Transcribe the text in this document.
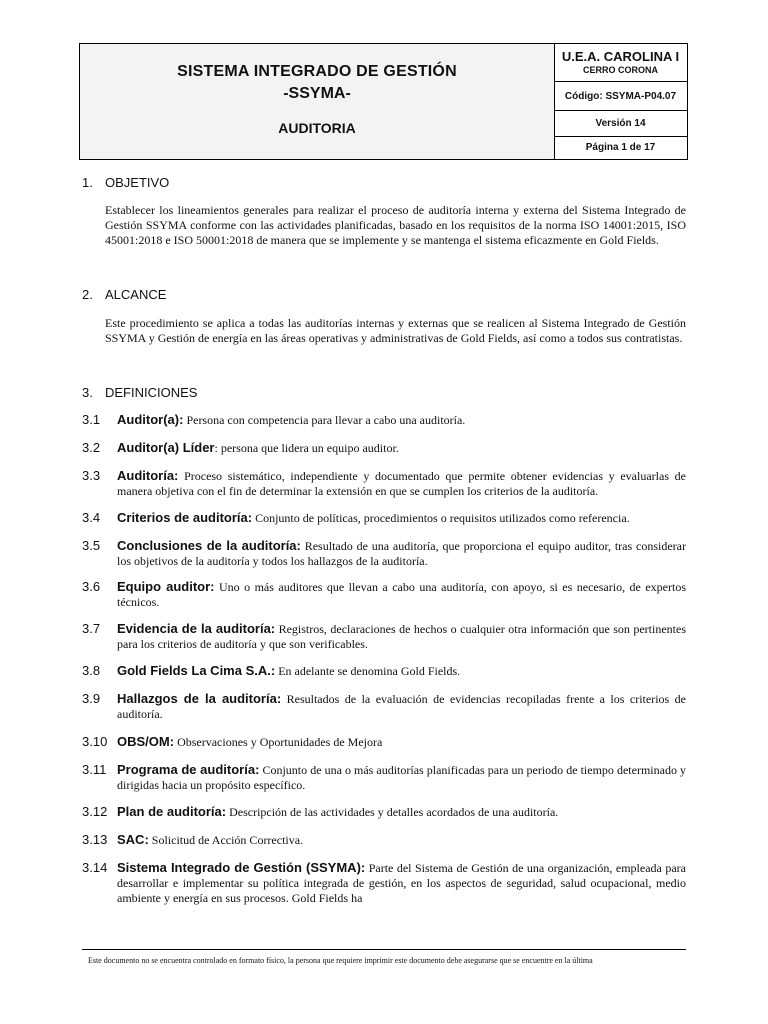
SISTEMA INTEGRADO DE GESTIÓN
-SSYMA-
AUDITORIA
U.E.A. CAROLINA I
CERRO CORONA
Código: SSYMA-P04.07
Versión 14
Página 1 de 17
1. OBJETIVO
Establecer los lineamientos generales para realizar el proceso de auditoría interna y externa del Sistema Integrado de Gestión SSYMA conforme con las actividades planificadas, basado en los requisitos de la norma ISO 14001:2015, ISO 45001:2018 e ISO 50001:2018 de manera que se implemente y se mantenga el sistema eficazmente en Gold Fields.
2. ALCANCE
Este procedimiento se aplica a todas las auditorías internas y externas que se realicen al Sistema Integrado de Gestión SSYMA y Gestión de energía en las áreas operativas y administrativas de Gold Fields, así como a todos sus contratistas.
3. DEFINICIONES
3.1 Auditor(a): Persona con competencia para llevar a cabo una auditoría.
3.2 Auditor(a) Líder: persona que lidera un equipo auditor.
3.3 Auditoría: Proceso sistemático, independiente y documentado que permite obtener evidencias y evaluarlas de manera objetiva con el fin de determinar la extensión en que se cumplen los criterios de la auditoría.
3.4 Criterios de auditoría: Conjunto de políticas, procedimientos o requisitos utilizados como referencia.
3.5 Conclusiones de la auditoría: Resultado de una auditoría, que proporciona el equipo auditor, tras considerar los objetivos de la auditoría y todos los hallazgos de la auditoría.
3.6 Equipo auditor: Uno o más auditores que llevan a cabo una auditoría, con apoyo, si es necesario, de expertos técnicos.
3.7 Evidencia de la auditoría: Registros, declaraciones de hechos o cualquier otra información que son pertinentes para los criterios de auditoría y que son verificables.
3.8 Gold Fields La Cima S.A.: En adelante se denomina Gold Fields.
3.9 Hallazgos de la auditoría: Resultados de la evaluación de evidencias recopiladas frente a los criterios de auditoría.
3.10 OBS/OM: Observaciones y Oportunidades de Mejora
3.11 Programa de auditoría: Conjunto de una o más auditorías planificadas para un periodo de tiempo determinado y dirigidas hacia un propósito específico.
3.12 Plan de auditoría: Descripción de las actividades y detalles acordados de una auditoría.
3.13 SAC: Solicitud de Acción Correctiva.
3.14 Sistema Integrado de Gestión (SSYMA): Parte del Sistema de Gestión de una organización, empleada para desarrollar e implementar su política integrada de gestión, en los aspectos de seguridad, salud ocupacional, medio ambiente y energía en sus procesos. Gold Fields ha
Este documento no se encuentra controlado en formato físico, la persona que requiere imprimir este documento debe asegurarse que se encuentre en la última
